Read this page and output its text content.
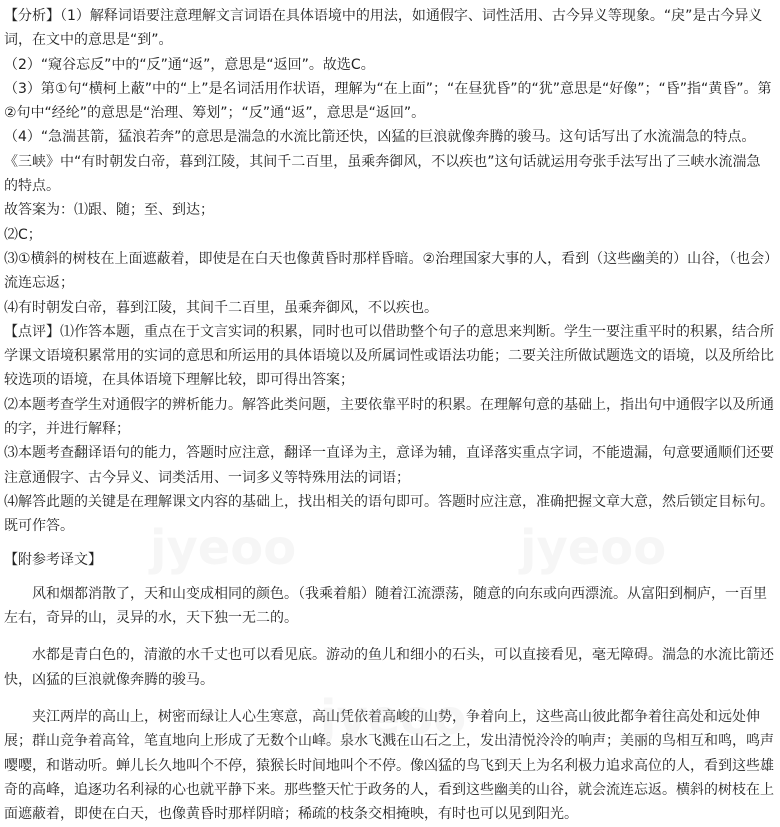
jyeoo	jyeoo
jyeoo
【分析】（1）解释词语要注意理解文言词语在具体语境中的用法，如通假字、词性活用、古今异义等现象。“戾”是古今异义词，在文中的意思是“到”。
（2）“窥谷忘反”中的“反”通“返”，意思是“返回”。故选C。
（3）第①句“横柯上蔽”中的“上”是名词活用作状语，理解为“在上面”；“在昼犹昏”的“犹”意思是“好像”；“昏”指“黄昏”。第②句中“经纶”的意思是“治理、筹划”；“反”通“返”，意思是“返回”。
（4）“急湍甚箭，猛浪若奔”的意思是湍急的水流比箭还快，凶猛的巨浪就像奔腾的骏马。这句话写出了水流湍急的特点。《三峡》中“有时朝发白帝，暮到江陵，其间千二百里，虽乘奔御风，不以疾也”这句话就运用夸张手法写出了三峡水流湍急的特点。
故答案为：⑴跟、随；至、到达；
⑵C；
⑶①横斜的树枝在上面遮蔽着，即使是在白天也像黄昏时那样昏暗。②治理国家大事的人，看到（这些幽美的）山谷，（也会）流连忘返；
⑷有时朝发白帝，暮到江陵，其间千二百里，虽乘奔御风，不以疾也。
【点评】⑴作答本题，重点在于文言实词的积累，同时也可以借助整个句子的意思来判断。学生一要注重平时的积累，结合所学课文语境积累常用的实词的意思和所运用的具体语境以及所属词性或语法功能；二要关注所做试题选文的语境，以及所给比较选项的语境，在具体语境下理解比较，即可得出答案；
⑵本题考查学生对通假字的辨析能力。解答此类问题，主要依靠平时的积累。在理解句意的基础上，指出句中通假字以及所通的字，并进行解释；
⑶本题考查翻译语句的能力，答题时应注意，翻译一直译为主，意译为辅，直译落实重点字词，不能遗漏，句意要通顺们还要注意通假字、古今异义、词类活用、一词多义等特殊用法的词语；
⑷解答此题的关键是在理解课文内容的基础上，找出相关的语句即可。答题时应注意，准确把握文章大意，然后锁定目标句。既可作答。
【附参考译文】

风和烟都消散了，天和山变成相同的颜色。（我乘着船）随着江流漂荡，随意的向东或向西漂流。从富阳到桐庐，一百里左右，奇异的山，灵异的水，天下独一无二的。

水都是青白色的，清澈的水千丈也可以看见底。游动的鱼儿和细小的石头，可以直接看见，毫无障碍。湍急的水流比箭还快，凶猛的巨浪就像奔腾的骏马。

夹江两岸的高山上，树密而绿让人心生寒意，高山凭依着高峻的山势，争着向上，这些高山彼此都争着往高处和远处伸展；群山竞争着高耸，笔直地向上形成了无数个山峰。泉水飞溅在山石之上，发出清悦泠泠的响声；美丽的鸟相互和鸣，鸣声嘤嘤，和谐动听。蝉儿长久地叫个不停，猿猴长时间地叫个不停。像凶猛的鸟飞到天上为名利极力追求高位的人，看到这些雄奇的高峰，追逐功名利禄的心也就平静下来。那些整天忙于政务的人，看到这些幽美的山谷，就会流连忘返。横斜的树枝在上面遮蔽着，即使在白天，也像黄昏时那样阴暗；稀疏的枝条交相掩映，有时也可以见到阳光。
